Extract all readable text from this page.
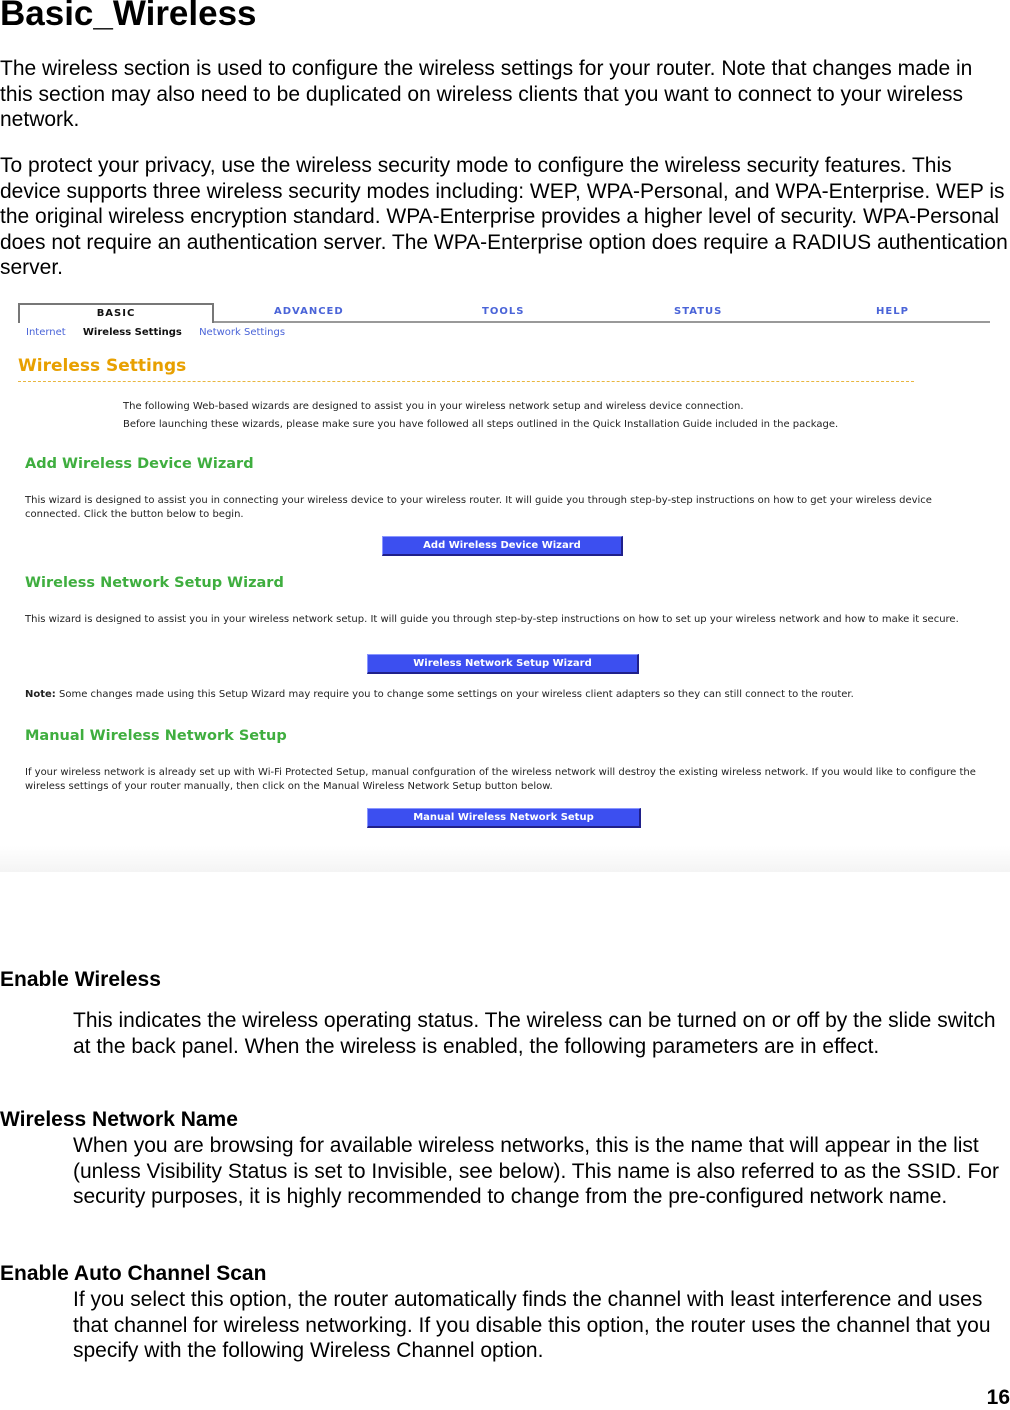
Basic_Wireless

The wireless section is used to configure the wireless settings for your router. Note that changes made in this section may also need to be duplicated on wireless clients that you want to connect to your wireless network.

To protect your privacy, use the wireless security mode to configure the wireless security features. This device supports three wireless security modes including: WEP, WPA-Personal, and WPA-Enterprise. WEP is the original wireless encryption standard. WPA-Enterprise provides a higher level of security. WPA-Personal does not require an authentication server. The WPA-Enterprise option does require a RADIUS authentication server.

BASIC	ADVANCED	TOOLS	STATUS	HELP
Internet Wireless Settings Network Settings
Wireless Settings
The following Web-based wizards are designed to assist you in your wireless network setup and wireless device connection.
Before launching these wizards, please make sure you have followed all steps outlined in the Quick Installation Guide included in the package.
Add Wireless Device Wizard
This wizard is designed to assist you in connecting your wireless device to your wireless router. It will guide you through step-by-step instructions on how to get your wireless device connected. Click the button below to begin.
Add Wireless Device Wizard
Wireless Network Setup Wizard
This wizard is designed to assist you in your wireless network setup. It will guide you through step-by-step instructions on how to set up your wireless network and how to make it secure.
Wireless Network Setup Wizard
Note: Some changes made using this Setup Wizard may require you to change some settings on your wireless client adapters so they can still connect to the router.
Manual Wireless Network Setup
If your wireless network is already set up with Wi-Fi Protected Setup, manual confguration of the wireless network will destroy the existing wireless network. If you would like to configure the wireless settings of your router manually, then click on the Manual Wireless Network Setup button below.
Manual Wireless Network Setup
Enable Wireless

This indicates the wireless operating status. The wireless can be turned on or off by the slide switch at the back panel. When the wireless is enabled, the following parameters are in effect.

Wireless Network Name

When you are browsing for available wireless networks, this is the name that will appear in the list (unless Visibility Status is set to Invisible, see below). This name is also referred to as the SSID. For security purposes, it is highly recommended to change from the pre-configured network name.

Enable Auto Channel Scan

If you select this option, the router automatically finds the channel with least interference and uses that channel for wireless networking. If you disable this option, the router uses the channel that you specify with the following Wireless Channel option.

16
